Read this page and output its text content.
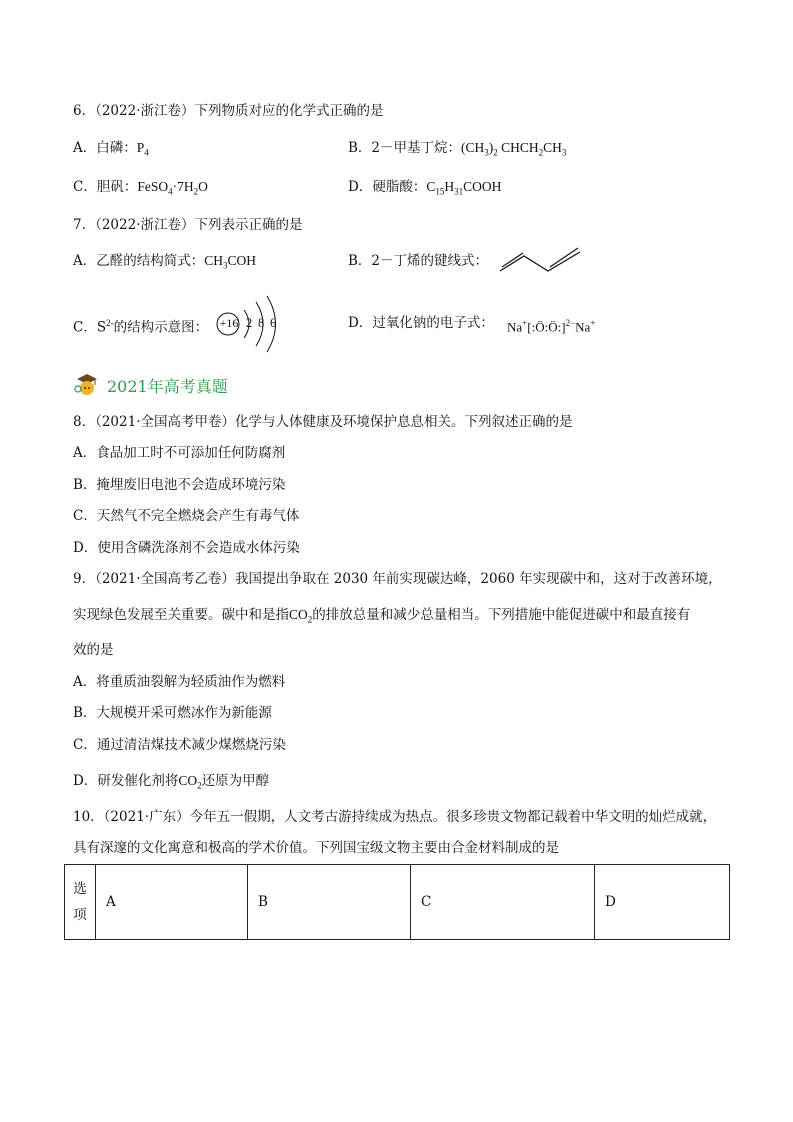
6．（2022·浙江卷）下列物质对应的化学式正确的是
A．白磷：$P_4$	B．2－甲基丁烷：$(CH_3)_2$ $CHCH_2CH_3$
C．胆矾：$FeSO_4\cdot 7H_2O$	D．硬脂酸：$C_{15}H_{31}COOH$
7．（2022·浙江卷）下列表示正确的是
A．乙醛的结构简式：$CH_3COH$	B．2－丁烯的键线式：
C．$S^{2-}$的结构示意图： +16 2 8 6	D．过氧化钠的电子式： Na+[:Ö:Ö:]$^{2-}$Na+
2021年高考真题
8．（2021·全国高考甲卷）化学与人体健康及环境保护息息相关。下列叙述正确的是
A．食品加工时不可添加任何防腐剂
B．掩埋废旧电池不会造成环境污染
C．天然气不完全燃烧会产生有毒气体
D．使用含磷洗涤剂不会造成水体污染
9．（2021·全国高考乙卷）我国提出争取在 2030 年前实现碳达峰，2060 年实现碳中和，这对于改善环境，
实现绿色发展至关重要。碳中和是指$CO_2$的排放总量和减少总量相当。下列措施中能促进碳中和最直接有
效的是
A．将重质油裂解为轻质油作为燃料
B．大规模开采可燃冰作为新能源
C．通过清洁煤技术减少煤燃烧污染
D．研发催化剂将$CO_2$还原为甲醇
10．（2021·广东）今年五一假期，人文考古游持续成为热点。很多珍贵文物都记载着中华文明的灿烂成就，
具有深邃的文化寓意和极高的学术价值。下列国宝级文物主要由合金材料制成的是
选项	A	B	C	D
